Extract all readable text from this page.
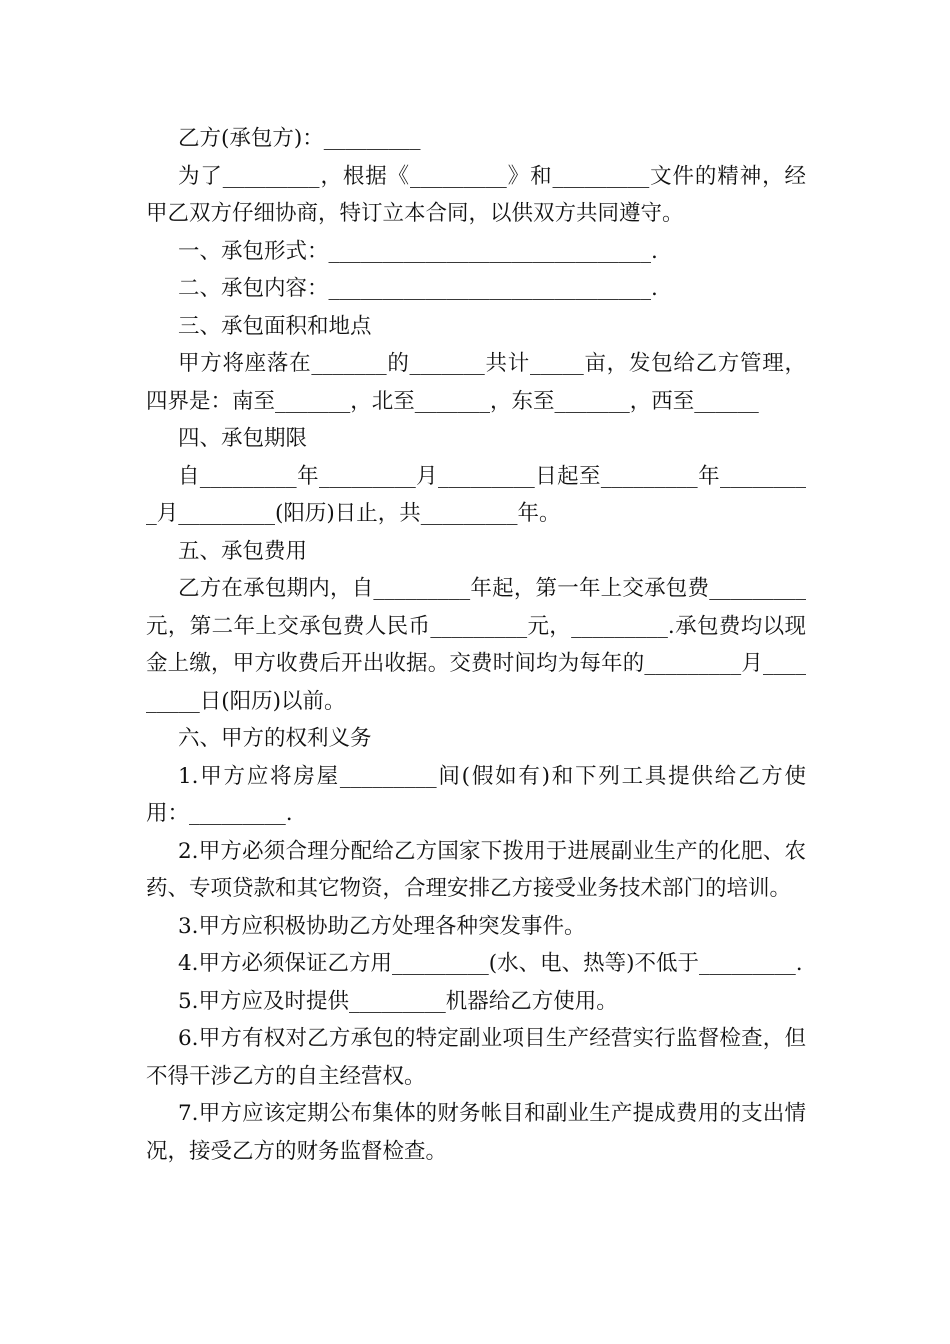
乙方(承包方)：_________

为了_________，根据《_________》和_________文件的精神，经甲乙双方仔细协商，特订立本合同，以供双方共同遵守。

一、承包形式：______________________________.

二、承包内容：______________________________.

三、承包面积和地点

甲方将座落在_______的_______共计_____亩，发包给乙方管理，四界是：南至_______，北至_______，东至_______，西至______

四、承包期限

自_________年_________月_________日起至_________年_________月_________(阳历)日止，共_________年。

五、承包费用

乙方在承包期内，自_________年起，第一年上交承包费_________元，第二年上交承包费人民币_________元，_________.承包费均以现金上缴，甲方收费后开出收据。交费时间均为每年的_________月_________日(阳历)以前。

六、甲方的权利义务

1.甲方应将房屋_________间(假如有)和下列工具提供给乙方使用：_________.

2.甲方必须合理分配给乙方国家下拨用于进展副业生产的化肥、农药、专项贷款和其它物资，合理安排乙方接受业务技术部门的培训。

3.甲方应积极协助乙方处理各种突发事件。

4.甲方必须保证乙方用_________(水、电、热等)不低于_________.

5.甲方应及时提供_________机器给乙方使用。

6.甲方有权对乙方承包的特定副业项目生产经营实行监督检查，但不得干涉乙方的自主经营权。

7.甲方应该定期公布集体的财务帐目和副业生产提成费用的支出情况，接受乙方的财务监督检查。
